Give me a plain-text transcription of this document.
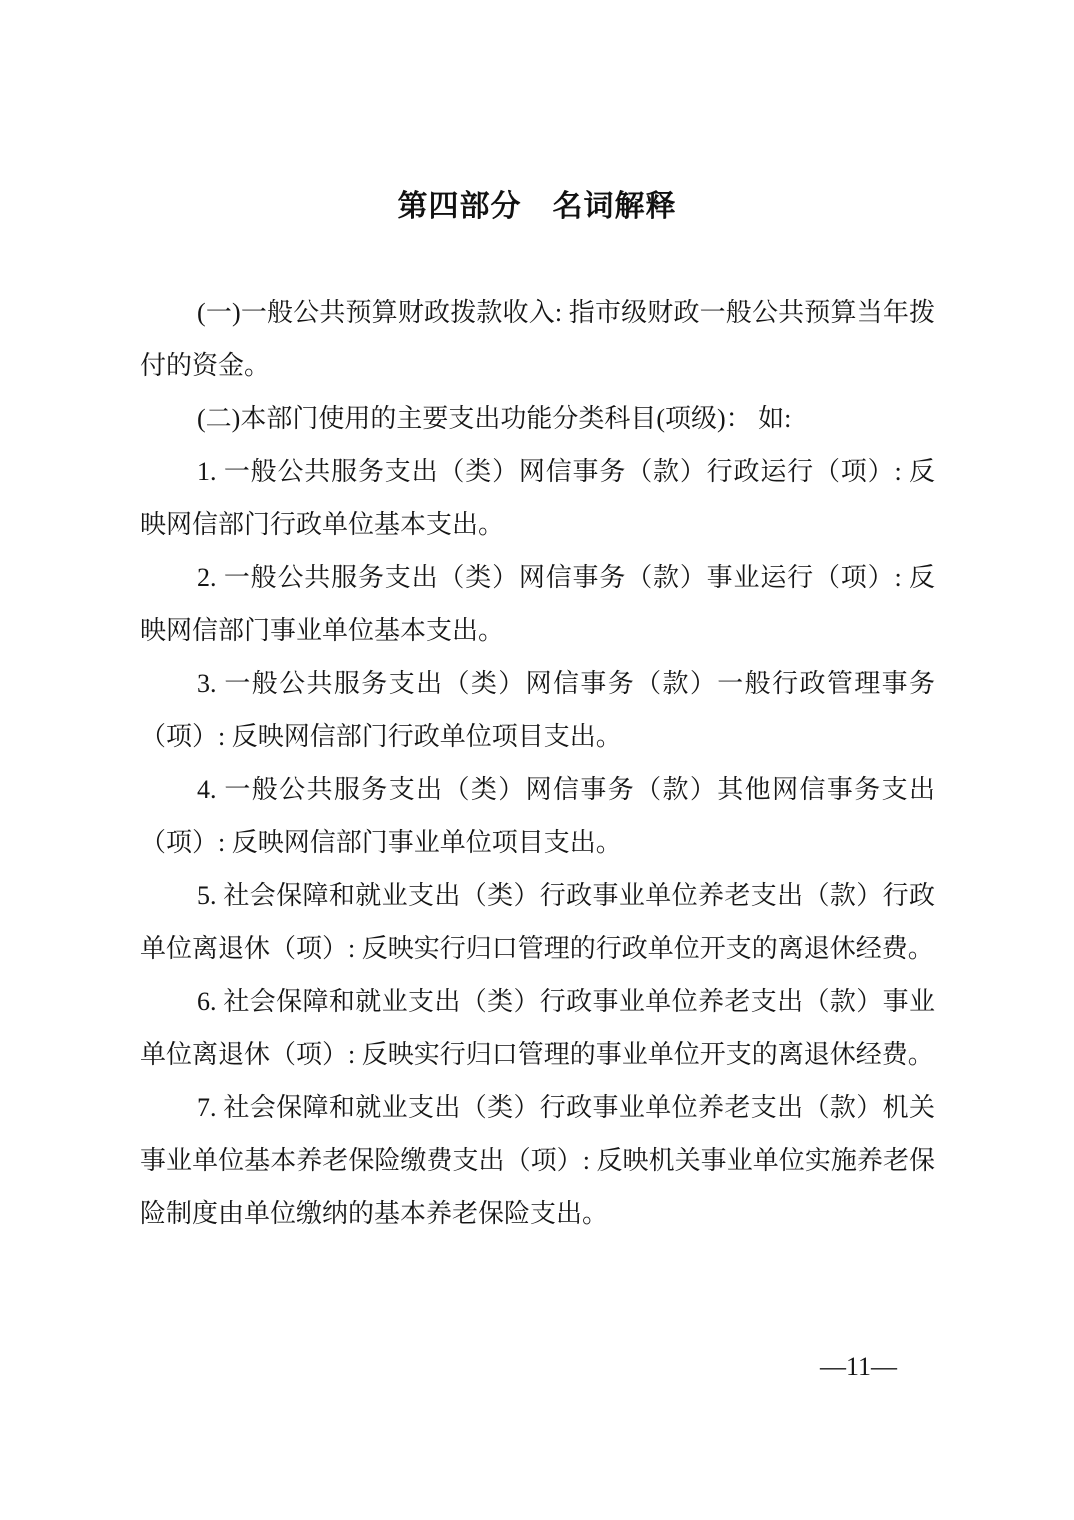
第四部分　名词解释

(一)一般公共预算财政拨款收入: 指市级财政一般公共预算当年拨付的资金。

(二)本部门使用的主要支出功能分类科目(项级)： 如:

1. 一般公共服务支出（类）网信事务（款）行政运行（项）: 反映网信部门行政单位基本支出。

2. 一般公共服务支出（类）网信事务（款）事业运行（项）: 反映网信部门事业单位基本支出。

3. 一般公共服务支出（类）网信事务（款）一般行政管理事务（项）: 反映网信部门行政单位项目支出。

4. 一般公共服务支出（类）网信事务（款）其他网信事务支出（项）: 反映网信部门事业单位项目支出。

5. 社会保障和就业支出（类）行政事业单位养老支出（款）行政单位离退休（项）: 反映实行归口管理的行政单位开支的离退休经费。

6. 社会保障和就业支出（类）行政事业单位养老支出（款）事业单位离退休（项）: 反映实行归口管理的事业单位开支的离退休经费。

7. 社会保障和就业支出（类）行政事业单位养老支出（款）机关事业单位基本养老保险缴费支出（项）: 反映机关事业单位实施养老保险制度由单位缴纳的基本养老保险支出。

—11—
